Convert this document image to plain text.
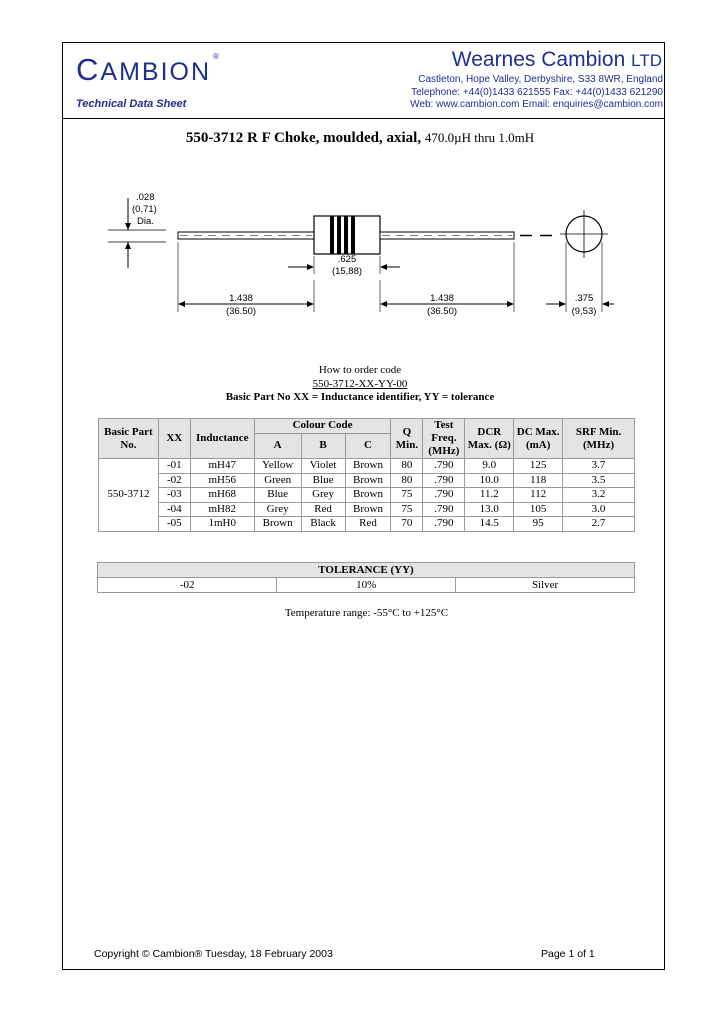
CAMBION®
Technical Data Sheet
Wearnes Cambion LTD
Castleton, Hope Valley, Derbyshire, S33 8WR, England
Telephone: +44(0)1433 621555 Fax: +44(0)1433 621290
Web: www.cambion.com Email: enquiries@cambion.com
550-3712 R F Choke, moulded, axial, 470.0µH thru 1.0mH
.028
(0,71)
Dia.
.625
(15,88)
1.438
(36.50)
1.438
(36.50)
.375
(9,53)
How to order code
550-3712-XX-YY-00
Basic Part No XX = Inductance identifier, YY = tolerance
Basic Part No.	XX	Inductance	Colour Code			Q Min.	Test Freq. (MHz)	DCR Max. (Ω)	DC Max. (mA)	SRF Min. (MHz)
			A	B	C					

550-3712	-01	mH47	Yellow	Violet	Brown	80	.790	9.0	125	3.7
	-02	mH56	Green	Blue	Brown	80	.790	10.0	118	3.5
	-03	mH68	Blue	Grey	Brown	75	.790	11.2	112	3.2
	-04	mH82	Grey	Red	Brown	75	.790	13.0	105	3.0
	-05	1mH0	Brown	Black	Red	70	.790	14.5	95	2.7
TOLERANCE (YY)
-02	10%	Silver
Temperature range: -55°C to +125°C
Copyright © Cambion® Tuesday, 18 February 2003	Page 1 of 1
